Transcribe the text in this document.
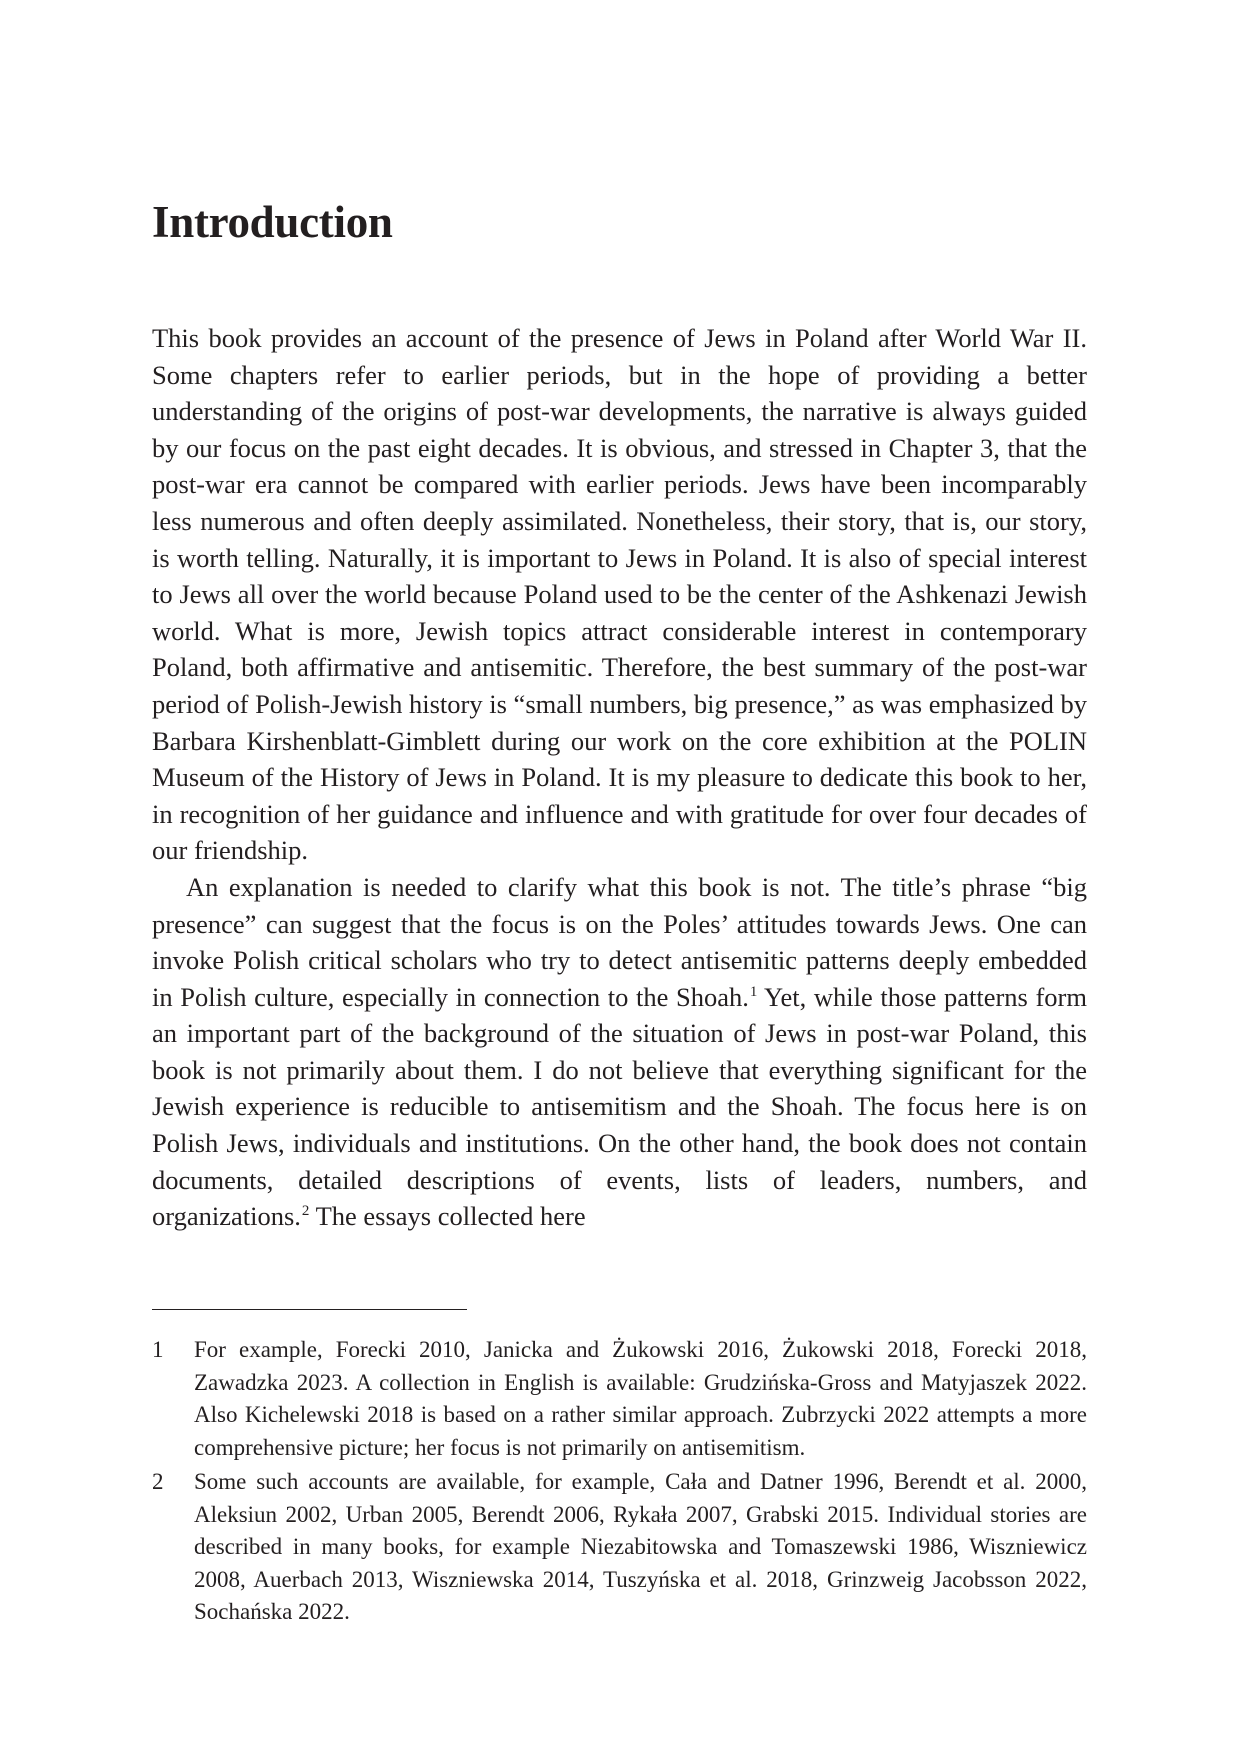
Introduction

This book provides an account of the presence of Jews in Poland after World War II. Some chapters refer to earlier periods, but in the hope of providing a better understanding of the origins of post-war developments, the narrative is always guided by our focus on the past eight decades. It is obvious, and stressed in Chapter 3, that the post-war era cannot be compared with earlier periods. Jews have been incomparably less numerous and often deeply assimilated. Nonetheless, their story, that is, our story, is worth telling. Naturally, it is important to Jews in Poland. It is also of special interest to Jews all over the world because Poland used to be the center of the Ashkenazi Jewish world. What is more, Jewish topics attract considerable interest in contemporary Poland, both affirmative and antisemitic. Therefore, the best summary of the post-war period of Polish-Jewish history is “small numbers, big presence,” as was emphasized by Barbara Kirshenblatt-Gimblett during our work on the core exhibition at the POLIN Museum of the History of Jews in Poland. It is my pleasure to dedicate this book to her, in recognition of her guidance and influence and with gratitude for over four decades of our friendship.

An explanation is needed to clarify what this book is not. The title’s phrase “big presence” can suggest that the focus is on the Poles’ attitudes towards Jews. One can invoke Polish critical scholars who try to detect antisemitic patterns deeply embedded in Polish culture, especially in connection to the Shoah.$^1$ Yet, while those patterns form an important part of the background of the situation of Jews in post-war Poland, this book is not primarily about them. I do not believe that everything significant for the Jewish experience is reducible to antisemitism and the Shoah. The focus here is on Polish Jews, individuals and institutions. On the other hand, the book does not contain documents, detailed descriptions of events, lists of leaders, numbers, and organizations.$^2$ The essays collected here

1	For example, Forecki 2010, Janicka and Żukowski 2016, Żukowski 2018, Forecki 2018, Zawadzka 2023. A collection in English is available: Grudzińska-Gross and Matyjaszek 2022. Also Kichelewski 2018 is based on a rather similar approach. Zubrzycki 2022 attempts a more comprehensive picture; her focus is not primarily on antisemitism.
2	Some such accounts are available, for example, Cała and Datner 1996, Berendt et al. 2000, Aleksiun 2002, Urban 2005, Berendt 2006, Rykała 2007, Grabski 2015. Individual stories are described in many books, for example Niezabitowska and Tomaszewski 1986, Wiszniewicz 2008, Auerbach 2013, Wiszniewska 2014, Tuszyńska et al. 2018, Grinzweig Jacobsson 2022, Sochańska 2022.
